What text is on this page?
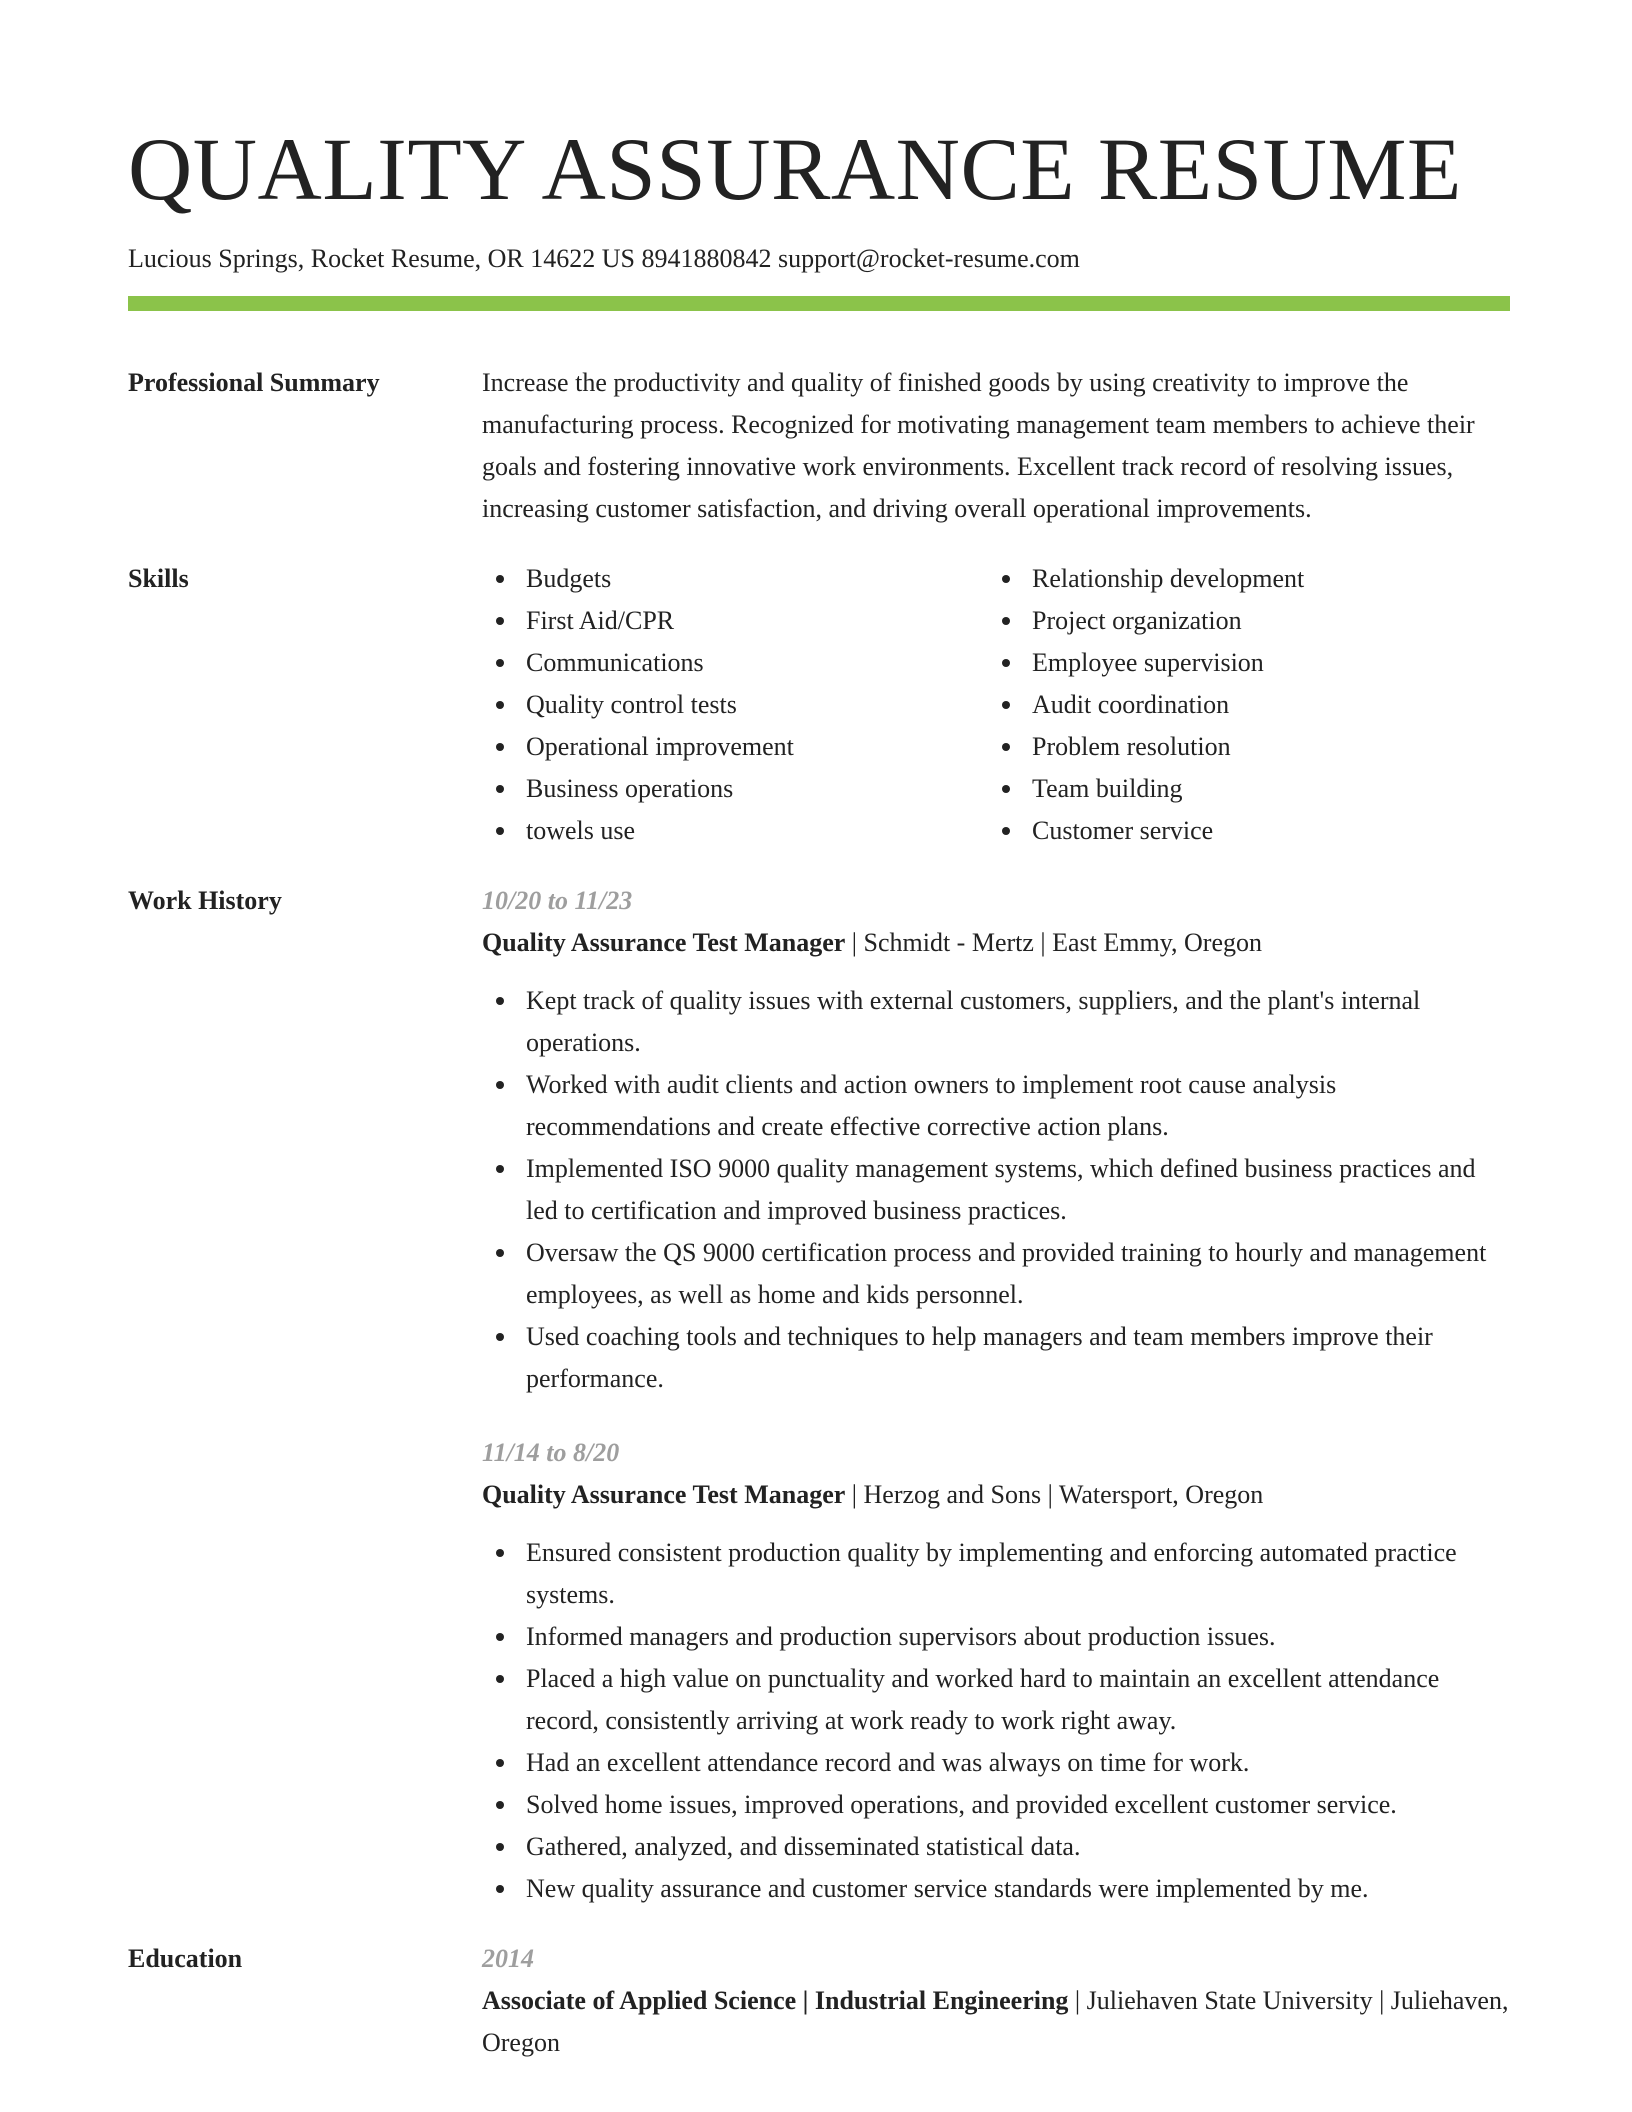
QUALITY ASSURANCE RESUME
Lucious Springs, Rocket Resume, OR 14622 US 8941880842 support@rocket-resume.com
Professional Summary	Increase the productivity and quality of finished goods by using creativity to improve the manufacturing process. Recognized for motivating management team members to achieve their goals and fostering innovative work environments. Excellent track record of resolving issues, increasing customer satisfaction, and driving overall operational improvements.
Skills	Budgets
First Aid/CPR
Communications
Quality control tests
Operational improvement
Business operations
towels use
Relationship development
Project organization
Employee supervision
Audit coordination
Problem resolution
Team building
Customer service
Work History	10/20 to 11/23
Quality Assurance Test Manager | Schmidt - Mertz | East Emmy, Oregon
Kept track of quality issues with external customers, suppliers, and the plant's internal operations.
Worked with audit clients and action owners to implement root cause analysis recommendations and create effective corrective action plans.
Implemented ISO 9000 quality management systems, which defined business practices and led to certification and improved business practices.
Oversaw the QS 9000 certification process and provided training to hourly and management employees, as well as home and kids personnel.
Used coaching tools and techniques to help managers and team members improve their performance.
11/14 to 8/20
Quality Assurance Test Manager | Herzog and Sons | Watersport, Oregon
Ensured consistent production quality by implementing and enforcing automated practice systems.
Informed managers and production supervisors about production issues.
Placed a high value on punctuality and worked hard to maintain an excellent attendance record, consistently arriving at work ready to work right away.
Had an excellent attendance record and was always on time for work.
Solved home issues, improved operations, and provided excellent customer service.
Gathered, analyzed, and disseminated statistical data.
New quality assurance and customer service standards were implemented by me.
Education	2014
Associate of Applied Science | Industrial Engineering | Juliehaven State University | Juliehaven, Oregon
